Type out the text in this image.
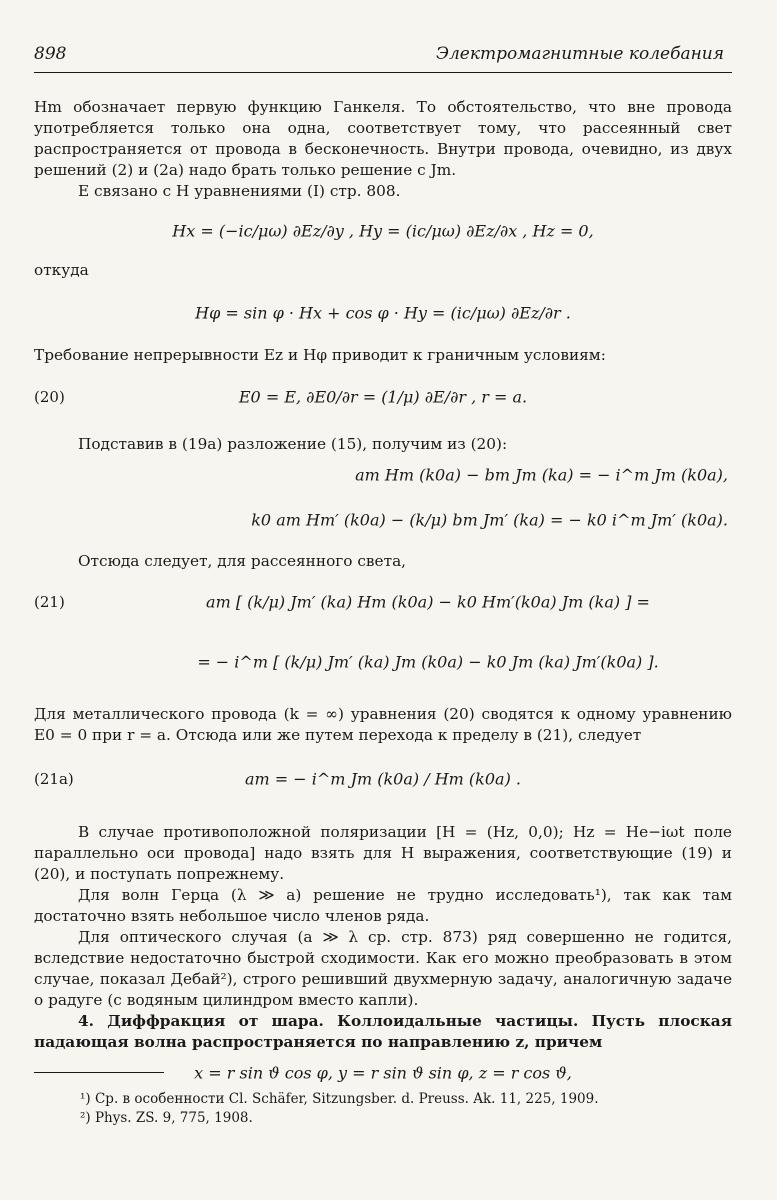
898	Электромагнитные колебания

Hm обозначает первую функцию Ганкеля. То обстоятельство, что вне провода употребляется только она одна, соответствует тому, что рассеянный свет распространяется от провода в бесконечность. Внутри провода, очевидно, из двух решений (2) и (2а) надо брать только решение с Jm.

E связано с H уравнениями (I) стр. 808.

Hx = (−ic/μω) ∂Ez/∂y , Hy = (ic/μω) ∂Ez/∂x , Hz = 0,

откуда

Hφ = sin φ · Hx + cos φ · Hy = (ic/μω) ∂Ez/∂r .

Требование непрерывности Ez и Hφ приводит к граничным условиям:

(20)	E0 = E, ∂E0/∂r = (1/μ) ∂E/∂r , r = a.

Подставив в (19а) разложение (15), получим из (20):

am Hm (k0a) − bm Jm (ka) = − i^m Jm (k0a),
k0 am Hm′ (k0a) − (k/μ) bm Jm′ (ka) = − k0 i^m Jm′ (k0a).

Отсюда следует, для рассеянного света,

(21)	am [ (k/μ) Jm′ (ka) Hm (k0a) − k0 Hm′(k0a) Jm (ka) ] =
= − i^m [ (k/μ) Jm′ (ka) Jm (k0a) − k0 Jm (ka) Jm′(k0a) ].

Для металлического провода (k = ∞) уравнения (20) сводятся к одному уравнению E0 = 0 при r = a. Отсюда или же путем перехода к пределу в (21), следует

(21а)	am = − i^m Jm (k0a) / Hm (k0a) .

В случае противоположной поляризации [H = (Hz, 0,0); Hz = He−iωt поле параллельно оси провода] надо взять для H выражения, соответствующие (19) и (20), и поступать попрежнему.

Для волн Герца (λ ≫ a) решение не трудно исследовать¹), так как там достаточно взять небольшое число членов ряда.

Для оптического случая (a ≫ λ ср. стр. 873) ряд совершенно не годится, вследствие недостаточно быстрой сходимости. Как его можно преобразовать в этом случае, показал Дебай²), строго решивший двухмерную задачу, аналогичную задаче о радуге (с водяным цилиндром вместо капли).

4. Диффракция от шара. Коллоидальные частицы. Пусть плоская падающая волна распространяется по направлению z, причем

x = r sin ϑ cos φ, y = r sin ϑ sin φ, z = r cos ϑ,
¹) Ср. в особенности Cl. Schäfer, Sitzungsber. d. Preuss. Ak. 11, 225, 1909.
²) Phys. ZS. 9, 775, 1908.
